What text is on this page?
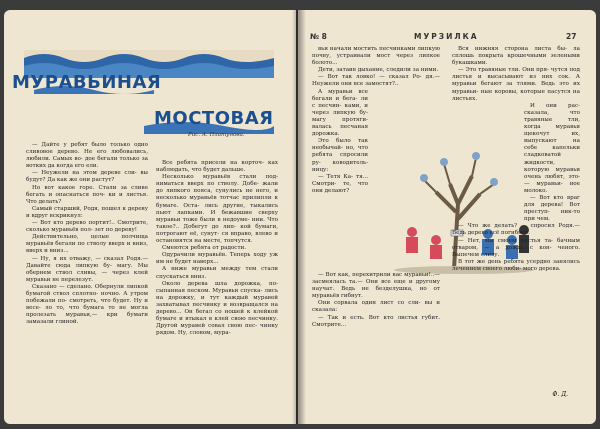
МУРАВЬИНАЯ
МОСТОВАЯ
Рис. А. Платунова.

— Дайте у ребят было только одно сливовое дерево. Не его любовались, любили. Самых во- дое бегали только за вотких да когда его ели.

— Неужели на этом дереве сли- вы будут? Да как же они растут?

Но вот какое горе. Стали за сливе бегать и опаснаться поч- ки и листья. Что делать?

Самый старший, Родя, пошел к дереву и вдруг вскрикнул:

— Вот кто дерево портит!.. Смотрите, сколько муравьёв пол- зет по дереву!

Действительно, целые полчища муравьёв бегали по стволу вверх и вниз, вверх и вниз...

— Ну, я их отважу, — сказал Родя.— Давайте сюда липкую бу- магу. Мы обернем ствол сливы, — через клей муравьи не перелезут.

Сказано — сделано. Обернули липкой бумагой ствол сплотно- ночно. А утром побежали по- смотреть, что будет. Ну и весе- ло то, что бумага то не могла пролезать муравьи,— кри бумаги замазали глиной.

Все ребята присели на корточ- ках наблюдать, что будет дальше.

Несколько муравьёв стали под- ниматься вверх по стволу. Добе- жали до липкого пояса, сунулись не него, и несколько муравьёв тотчас прилипли к бумаге. Оста- лись другие, тыкались пьют лапками. И бежавшие сверху муравьи тоже были в недоуме- нии. Что такое?.. Добегут до лип- кой бумаги, потрогают её, сунут- ся вправо, влево и остановятся на месте, топчутся.

Смеются ребята от радости.

Одурачили муравьёв. Теперь ходу уж им не будет наверх...

А ниже муравьи между тем стали спускаться вниз.

Около дерева шла дорожка, по- сыпанная песком. Муравьи спуска- лись на дорожку, и тут каждый муравей захватывал песчинку и возвращался на дерево... Он бегал со ношей к клейкой бумаге и втыкал в клей свою песчинку. Другой муравей совал свою пес- чинку рядом. Ну, словом, мура-

№ 8	МУРЗИЛКА	27

вьи начали мостить песчинками липкую почву, устраивали мост через липкое болото...

Дети, затаив дыхание, следили за ними.

— Вот так ловко! — сказал Ро- дя.— Неужели они все замостят?..

А муравьи все бегали и бега- ли с песчин- ками, и через липкую бу- магу протяги- валась песчаная дорожка.

Это было так необычай- но, что ребята спросили ру- ководитель- ницу:

— Тетя Ка- тя... Смотри- те, что они делают?

— Вот как, перехитрили вас муравьи!..— засмеялась та.— Они все еще и другому научат. Ведь не безделушка, но от муравьёв гибнут.

Они сорвала один лист со сли- вы и сказала:

— Так и есть. Вот кто листья губит. Смотрите...

Вся нижняя сторона листа бы- ла сплошь покрыта крошечными зелеными букашками.

— Это травяные тли. Они пря- чутся под листья и высасывают из них сок. А муравьи бегают за тлями. Ведь это их муравьи- ные коровы, которые пасутся на листьях.

И они рас- сказала, что травяные тли, когда муравьи щекочут их, выпускают на себе капельки сладковатой жидкости, которую муравьи очень любят, это- — муравьи- ное молоко.

— Вот кто враг для дерева! Вот преступ- ник-то при чем.

— Что же делать? — спросил Родя.— Ведь дерево всё погибнет.

— Нет, мы смоем листья та- бачным отваром, — а дождь с кон- ченого. Выпечем сливу.

В тот же день ребята усердно занялись лечением своего люби- мого дерева.

Ф. Д.
